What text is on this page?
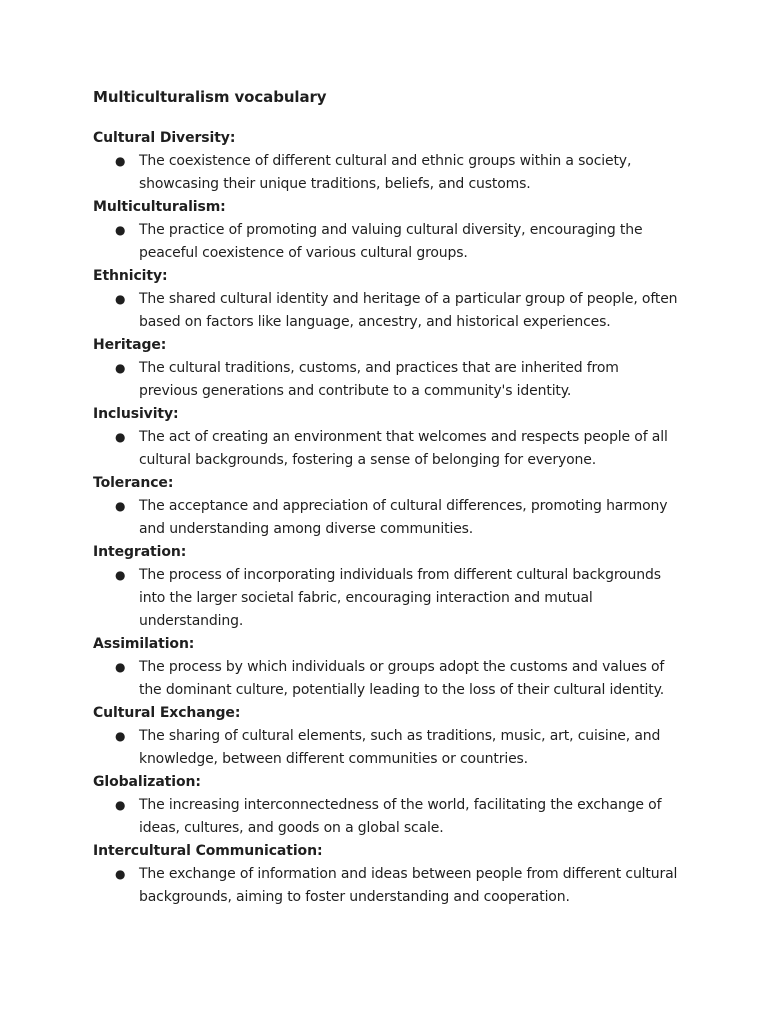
Multiculturalism vocabulary
Cultural Diversity:
● The coexistence of different cultural and ethnic groups within a society, showcasing their unique traditions, beliefs, and customs.
Multiculturalism:
● The practice of promoting and valuing cultural diversity, encouraging the peaceful coexistence of various cultural groups.
Ethnicity:
● The shared cultural identity and heritage of a particular group of people, often based on factors like language, ancestry, and historical experiences.
Heritage:
● The cultural traditions, customs, and practices that are inherited from previous generations and contribute to a community's identity.
Inclusivity:
● The act of creating an environment that welcomes and respects people of all cultural backgrounds, fostering a sense of belonging for everyone.
Tolerance:
● The acceptance and appreciation of cultural differences, promoting harmony and understanding among diverse communities.
Integration:
● The process of incorporating individuals from different cultural backgrounds into the larger societal fabric, encouraging interaction and mutual understanding.
Assimilation:
● The process by which individuals or groups adopt the customs and values of the dominant culture, potentially leading to the loss of their cultural identity.
Cultural Exchange:
● The sharing of cultural elements, such as traditions, music, art, cuisine, and knowledge, between different communities or countries.
Globalization:
● The increasing interconnectedness of the world, facilitating the exchange of ideas, cultures, and goods on a global scale.
Intercultural Communication:
● The exchange of information and ideas between people from different cultural backgrounds, aiming to foster understanding and cooperation.
